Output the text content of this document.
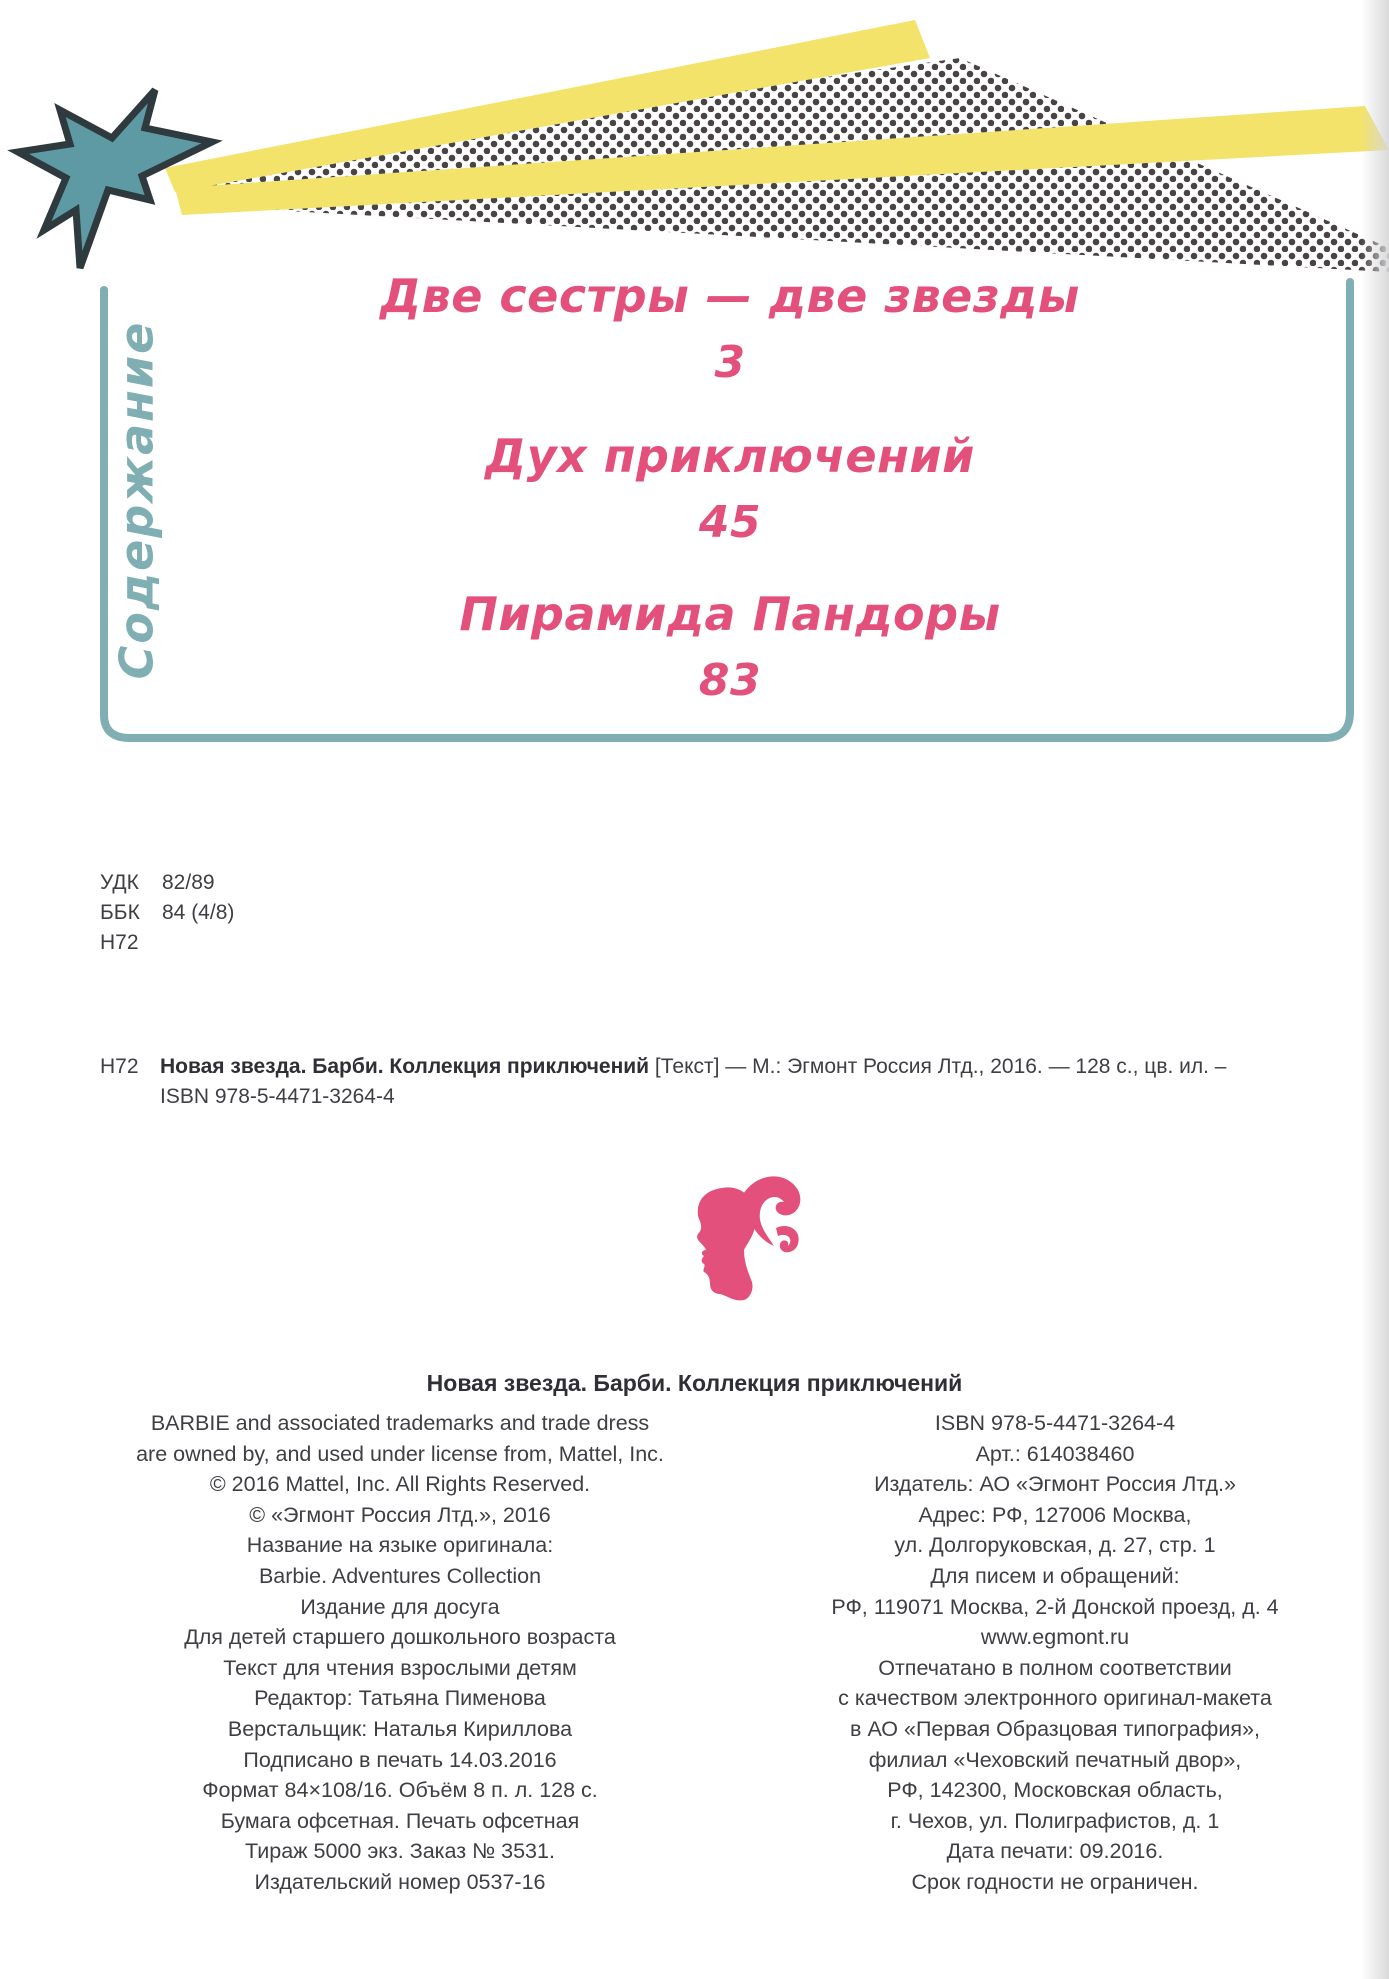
Содержание
Две сестры — две звезды
3
Дух приключений
45
Пирамида Пандоры
83
УДК 82/89
ББК 84 (4/8)
Н72
Н72 Новая звезда. Барби. Коллекция приключений [Текст] — М.: Эгмонт Россия Лтд., 2016. — 128 с., цв. ил. –
ISBN 978-5-4471-3264-4
Новая звезда. Барби. Коллекция приключений
BARBIE and associated trademarks and trade dress
are owned by, and used under license from, Mattel, Inc.
© 2016 Mattel, Inc. All Rights Reserved.
© «Эгмонт Россия Лтд.», 2016
Название на языке оригинала:
Barbie. Adventures Collection
Издание для досуга
Для детей старшего дошкольного возраста
Текст для чтения взрослыми детям
Редактор: Татьяна Пименова
Верстальщик: Наталья Кириллова
Подписано в печать 14.03.2016
Формат 84×108/16. Объём 8 п. л. 128 с.
Бумага офсетная. Печать офсетная
Тираж 5000 экз. Заказ № 3531.
Издательский номер 0537-16
ISBN 978-5-4471-3264-4
Арт.: 614038460
Издатель: АО «Эгмонт Россия Лтд.»
Адрес: РФ, 127006 Москва,
ул. Долгоруковская, д. 27, стр. 1
Для писем и обращений:
РФ, 119071 Москва, 2-й Донской проезд, д. 4
www.egmont.ru
Отпечатано в полном соответствии
с качеством электронного оригинал-макета
в АО «Первая Образцовая типография»,
филиал «Чеховский печатный двор»,
РФ, 142300, Московская область,
г. Чехов, ул. Полиграфистов, д. 1
Дата печати: 09.2016.
Срок годности не ограничен.
